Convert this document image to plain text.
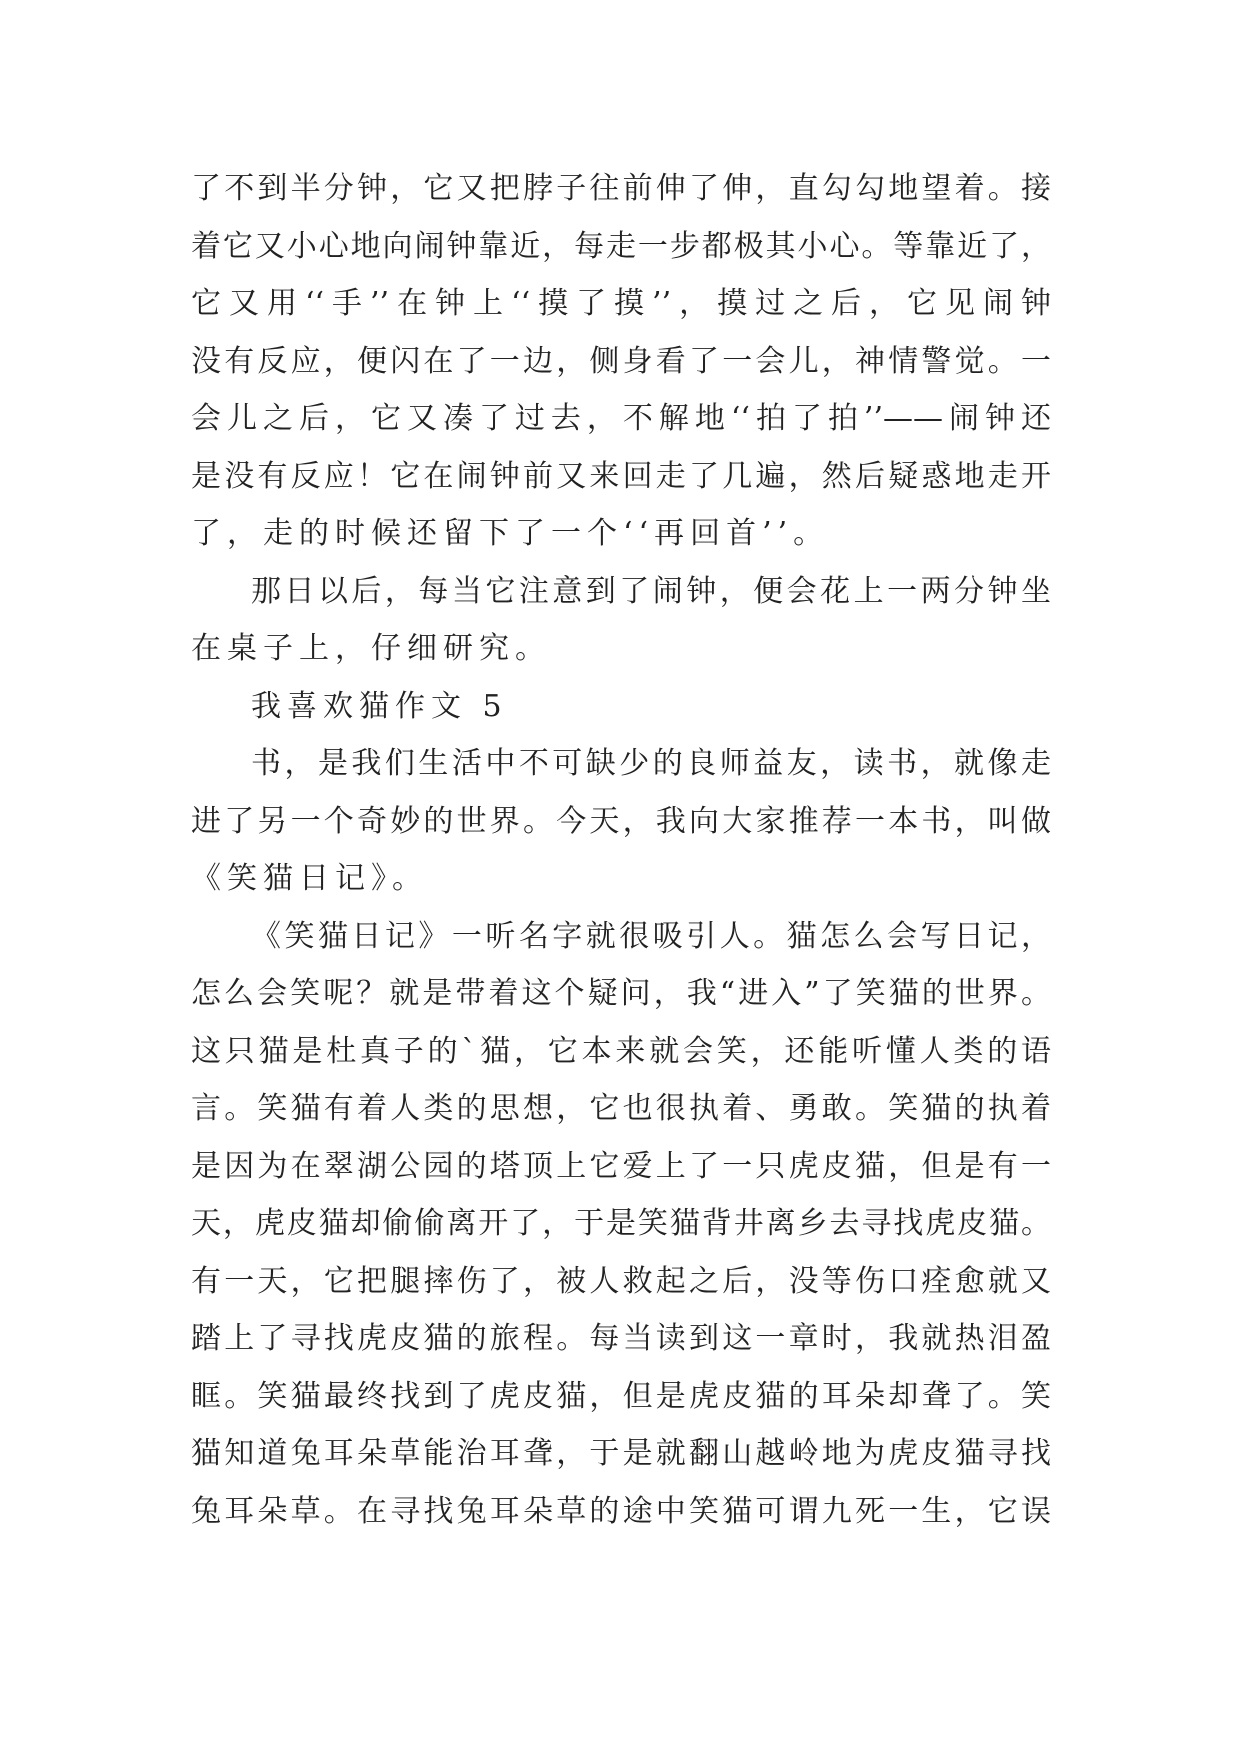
了不到半分钟，它又把脖子往前伸了伸，直勾勾地望着。接
着它又小心地向闹钟靠近，每走一步都极其小心。等靠近了，
它又用‘‘手’’在钟上‘‘摸了摸’’，摸过之后，它见闹钟
没有反应，便闪在了一边，侧身看了一会儿，神情警觉。一
会儿之后，它又凑了过去，不解地‘‘拍了拍’’——闹钟还
是没有反应！它在闹钟前又来回走了几遍，然后疑惑地走开
了，走的时候还留下了一个‘‘再回首’’。
那日以后，每当它注意到了闹钟，便会花上一两分钟坐
在桌子上，仔细研究。
我喜欢猫作文 5
书，是我们生活中不可缺少的良师益友，读书，就像走
进了另一个奇妙的世界。今天，我向大家推荐一本书，叫做
《笑猫日记》。
《笑猫日记》一听名字就很吸引人。猫怎么会写日记，
怎么会笑呢？就是带着这个疑问，我“进入”了笑猫的世界。
这只猫是杜真子的`猫，它本来就会笑，还能听懂人类的语
言。笑猫有着人类的思想，它也很执着、勇敢。笑猫的执着
是因为在翠湖公园的塔顶上它爱上了一只虎皮猫，但是有一
天，虎皮猫却偷偷离开了，于是笑猫背井离乡去寻找虎皮猫。
有一天，它把腿摔伤了，被人救起之后，没等伤口痊愈就又
踏上了寻找虎皮猫的旅程。每当读到这一章时，我就热泪盈
眶。笑猫最终找到了虎皮猫，但是虎皮猫的耳朵却聋了。笑
猫知道兔耳朵草能治耳聋，于是就翻山越岭地为虎皮猫寻找
兔耳朵草。在寻找兔耳朵草的途中笑猫可谓九死一生，它误
